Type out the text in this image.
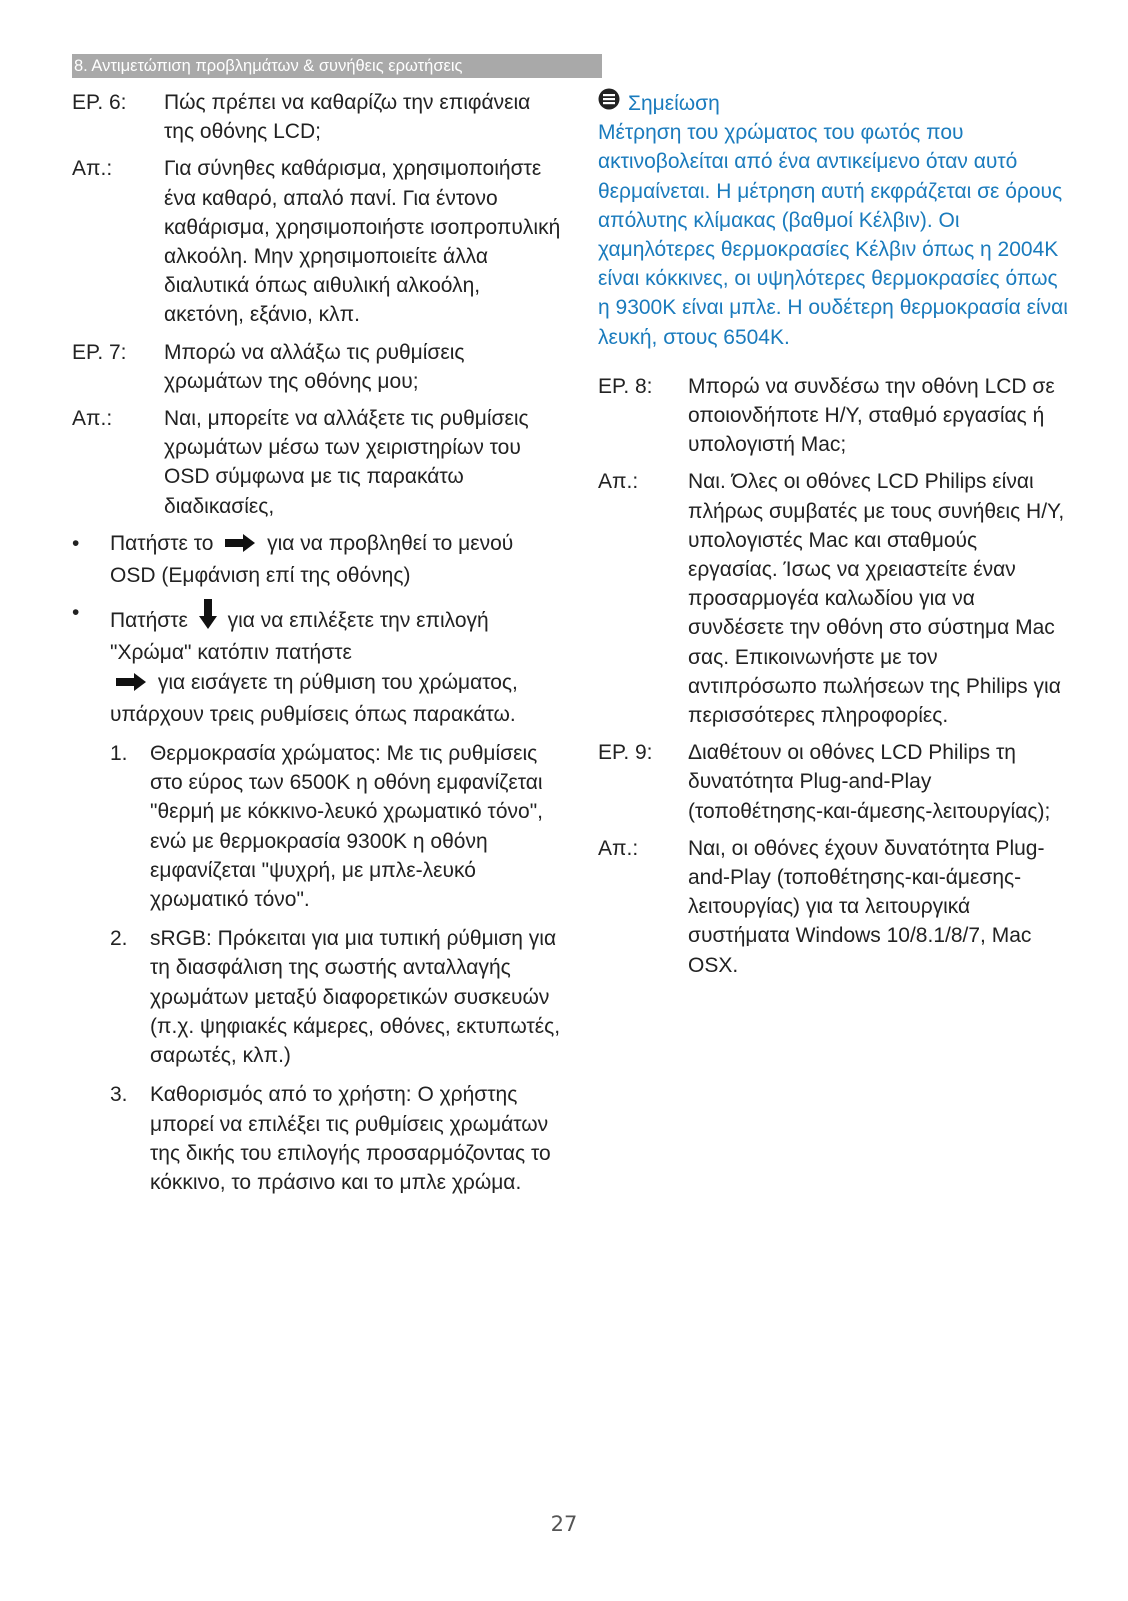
8. Αντιμετώπιση προβλημάτων & συνήθεις ερωτήσεις
ΕΡ. 6: Πώς πρέπει να καθαρίζω την επιφάνεια της οθόνης LCD;
Απ.: Για σύνηθες καθάρισμα, χρησιμοποιήστε ένα καθαρό, απαλό πανί. Για έντονο καθάρισμα, χρησιμοποιήστε ισοπροπυλική αλκοόλη. Μην χρησιμοποιείτε άλλα διαλυτικά όπως αιθυλική αλκοόλη, ακετόνη, εξάνιο, κλπ.
ΕΡ. 7: Μπορώ να αλλάξω τις ρυθμίσεις χρωμάτων της οθόνης μου;
Απ.: Ναι, μπορείτε να αλλάξετε τις ρυθμίσεις χρωμάτων μέσω των χειριστηρίων του OSD σύμφωνα με τις παρακάτω διαδικασίες,
• Πατήστε το	για να προβληθεί το μενού OSD (Εμφάνιση επί της οθόνης)
• Πατήστε για να επιλέξετε την επιλογή "Χρώμα" κατόπιν πατήστε
για εισάγετε τη ρύθμιση του χρώματος, υπάρχουν τρεις ρυθμίσεις όπως παρακάτω.
1. Θερμοκρασία χρώματος: Με τις ρυθμίσεις στο εύρος των 6500K η οθόνη εμφανίζεται "θερμή με κόκκινο-λευκό χρωματικό τόνο", ενώ με θερμοκρασία 9300K η οθόνη εμφανίζεται "ψυχρή, με μπλε-λευκό χρωματικό τόνο".
2. sRGB: Πρόκειται για μια τυπική ρύθμιση για τη διασφάλιση της σωστής ανταλλαγής χρωμάτων μεταξύ διαφορετικών συσκευών (π.χ. ψηφιακές κάμερες, οθόνες, εκτυπωτές, σαρωτές, κλπ.)
3. Καθορισμός από το χρήστη: Ο χρήστης μπορεί να επιλέξει τις ρυθμίσεις χρωμάτων της δικής του επιλογής προσαρμόζοντας το κόκκινο, το πράσινο και το μπλε χρώμα.
Σημείωση
Μέτρηση του χρώματος του φωτός που ακτινοβολείται από ένα αντικείμενο όταν αυτό θερμαίνεται. Η μέτρηση αυτή εκφράζεται σε όρους απόλυτης κλίμακας (βαθμοί Κέλβιν). Οι χαμηλότερες θερμοκρασίες Κέλβιν όπως η 2004K είναι κόκκινες, οι υψηλότερες θερμοκρασίες όπως η 9300K είναι μπλε. Η ουδέτερη θερμοκρασία είναι λευκή, στους 6504K.
ΕΡ. 8: Μπορώ να συνδέσω την οθόνη LCD σε οποιονδήποτε Η/Υ, σταθμό εργασίας ή υπολογιστή Mac;
Απ.: Ναι. Όλες οι οθόνες LCD Philips είναι πλήρως συμβατές με τους συνήθεις Η/Υ, υπολογιστές Mac και σταθμούς εργασίας. Ίσως να χρειαστείτε έναν προσαρμογέα καλωδίου για να συνδέσετε την οθόνη στο σύστημα Mac σας. Επικοινωνήστε με τον αντιπρόσωπο πωλήσεων της Philips για περισσότερες πληροφορίες.
ΕΡ. 9: Διαθέτουν οι οθόνες LCD Philips τη δυνατότητα Plug-and-Play (τοποθέτησης-και-άμεσης-λειτουργίας);
Απ.: Ναι, οι οθόνες έχουν δυνατότητα Plug-and-Play (τοποθέτησης-και-άμεσης-λειτουργίας) για τα λειτουργικά συστήματα Windows 10/8.1/8/7, Mac OSX.
27
